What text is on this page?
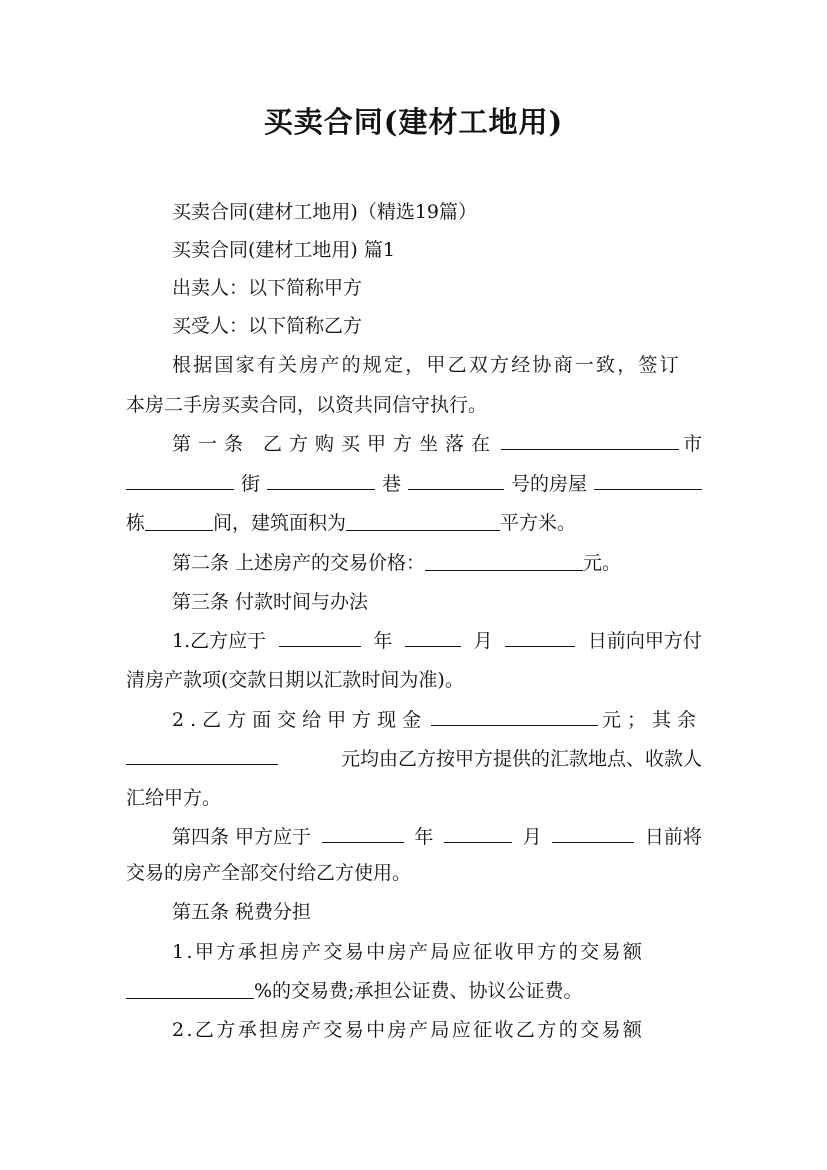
买卖合同(建材工地用)
买卖合同(建材工地用)（精选19篇）
买卖合同(建材工地用) 篇1
出卖人：以下简称甲方
买受人：以下简称乙方
根据国家有关房产的规定，甲乙双方经协商一致，签订
本房二手房买卖合同，以资共同信守执行。
第一条 乙方购买甲方坐落在	市
街	巷	号的房屋
栋	间，建筑面积为	平方米。
第二条 上述房产的交易价格：	元。
第三条 付款时间与办法
1.乙方应于	年	月	日前向甲方付
清房产款项(交款日期以汇款时间为准)。
2.乙方面交给甲方现金	元；其余
元均由乙方按甲方提供的汇款地点、收款人
汇给甲方。
第四条 甲方应于	年	月	日前将
交易的房产全部交付给乙方使用。
第五条 税费分担
1.甲方承担房产交易中房产局应征收甲方的交易额
%的交易费;承担公证费、协议公证费。
2.乙方承担房产交易中房产局应征收乙方的交易额
